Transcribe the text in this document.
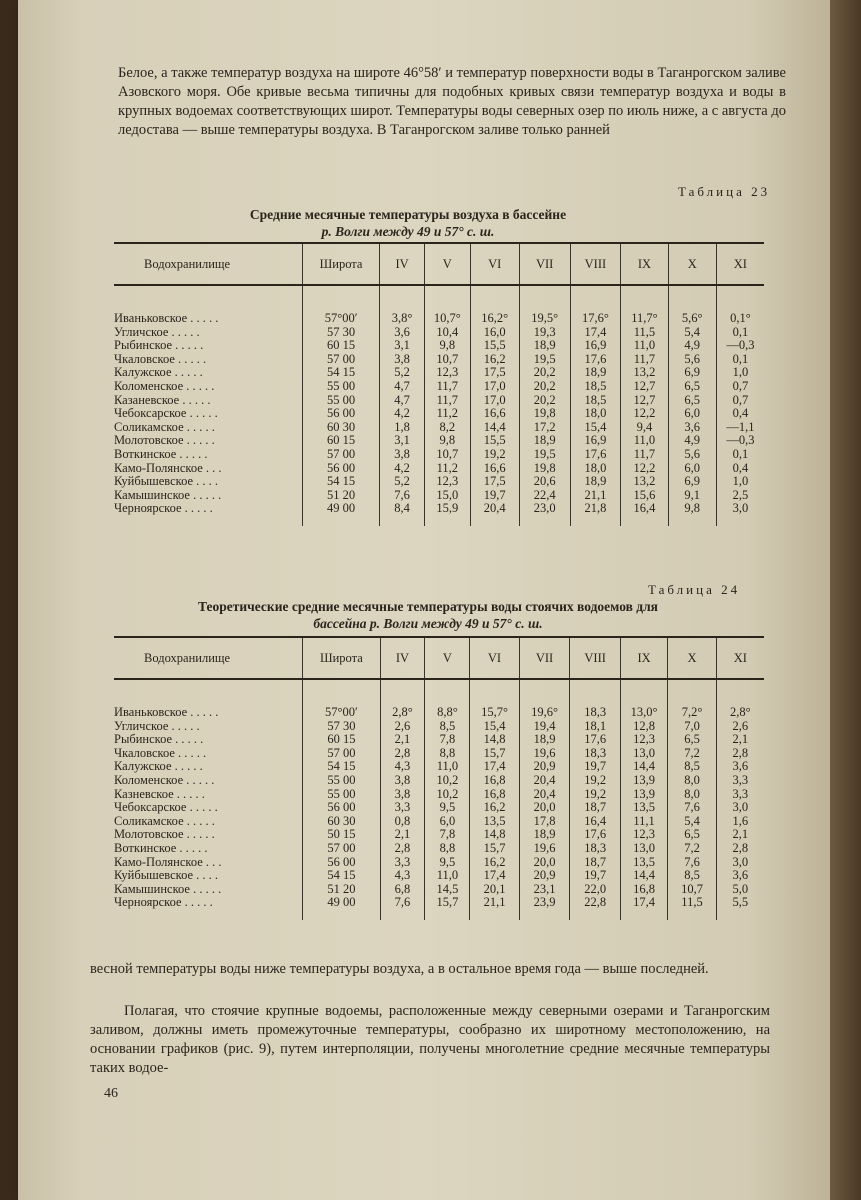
Белое, а также температур воздуха на широте 46°58′ и температур поверхности воды в Таганрогском заливе Азовского моря. Обе кривые весьма типичны для подобных кривых связи температур воздуха и воды в крупных водоемах соответствующих широт. Температуры воды северных озер по июль ниже, а с августа до ледостава — выше температуры воздуха. В Таганрогском заливе только ранней

Таблица 23
Средние месячные температуры воздуха в бассейне
р. Волги между 49 и 57° с. ш.
Водохранилище	Широта	IV	V	VI	VII	VIII	IX	X	XI
Иваньковское . . . . .	57°00′	3,8°	10,7°	16,2°	19,5°	17,6°	11,7°	5,6°	0,1°
Угличское . . . . .	57 30	3,6	10,4	16,0	19,3	17,4	11,5	5,4	0,1
Рыбинское . . . . .	60 15	3,1	9,8	15,5	18,9	16,9	11,0	4,9	—0,3
Чкаловское . . . . .	57 00	3,8	10,7	16,2	19,5	17,6	11,7	5,6	0,1
Калужское . . . . .	54 15	5,2	12,3	17,5	20,2	18,9	13,2	6,9	1,0
Коломенское . . . . .	55 00	4,7	11,7	17,0	20,2	18,5	12,7	6,5	0,7
Казаневское . . . . .	55 00	4,7	11,7	17,0	20,2	18,5	12,7	6,5	0,7
Чебоксарское . . . . .	56 00	4,2	11,2	16,6	19,8	18,0	12,2	6,0	0,4
Соликамское . . . . .	60 30	1,8	8,2	14,4	17,2	15,4	9,4	3,6	—1,1
Молотовское . . . . .	60 15	3,1	9,8	15,5	18,9	16,9	11,0	4,9	—0,3
Воткинское . . . . .	57 00	3,8	10,7	19,2	19,5	17,6	11,7	5,6	0,1
Камо-Полянское . . .	56 00	4,2	11,2	16,6	19,8	18,0	12,2	6,0	0,4
Куйбышевское . . . .	54 15	5,2	12,3	17,5	20,6	18,9	13,2	6,9	1,0
Камышинское . . . . .	51 20	7,6	15,0	19,7	22,4	21,1	15,6	9,1	2,5
Черноярское . . . . .	49 00	8,4	15,9	20,4	23,0	21,8	16,4	9,8	3,0
Таблица 24
Теоретические средние месячные температуры воды стоячих водоемов для
бассейна р. Волги между 49 и 57° с. ш.
Водохранилище	Широта	IV	V	VI	VII	VIII	IX	X	XI
Иваньковское . . . . .	57°00′	2,8°	8,8°	15,7°	19,6°	18,3	13,0°	7,2°	2,8°
Угличское . . . . .	57 30	2,6	8,5	15,4	19,4	18,1	12,8	7,0	2,6
Рыбинское . . . . .	60 15	2,1	7,8	14,8	18,9	17,6	12,3	6,5	2,1
Чкаловское . . . . .	57 00	2,8	8,8	15,7	19,6	18,3	13,0	7,2	2,8
Калужское . . . . .	54 15	4,3	11,0	17,4	20,9	19,7	14,4	8,5	3,6
Коломенское . . . . .	55 00	3,8	10,2	16,8	20,4	19,2	13,9	8,0	3,3
Казневское . . . . .	55 00	3,8	10,2	16,8	20,4	19,2	13,9	8,0	3,3
Чебоксарское . . . . .	56 00	3,3	9,5	16,2	20,0	18,7	13,5	7,6	3,0
Соликамское . . . . .	60 30	0,8	6,0	13,5	17,8	16,4	11,1	5,4	1,6
Молотовское . . . . .	50 15	2,1	7,8	14,8	18,9	17,6	12,3	6,5	2,1
Воткинское . . . . .	57 00	2,8	8,8	15,7	19,6	18,3	13,0	7,2	2,8
Камо-Полянское . . .	56 00	3,3	9,5	16,2	20,0	18,7	13,5	7,6	3,0
Куйбышевское . . . .	54 15	4,3	11,0	17,4	20,9	19,7	14,4	8,5	3,6
Камышинское . . . . .	51 20	6,8	14,5	20,1	23,1	22,0	16,8	10,7	5,0
Черноярское . . . . .	49 00	7,6	15,7	21,1	23,9	22,8	17,4	11,5	5,5

весной температуры воды ниже температуры воздуха, а в остальное время года — выше последней.

Полагая, что стоячие крупные водоемы, расположенные между северными озерами и Таганрогским заливом, должны иметь промежуточные температуры, сообразно их широтному местоположению, на основании графиков (рис. 9), путем интерполяции, получены многолетние средние месячные температуры таких водое-

46
